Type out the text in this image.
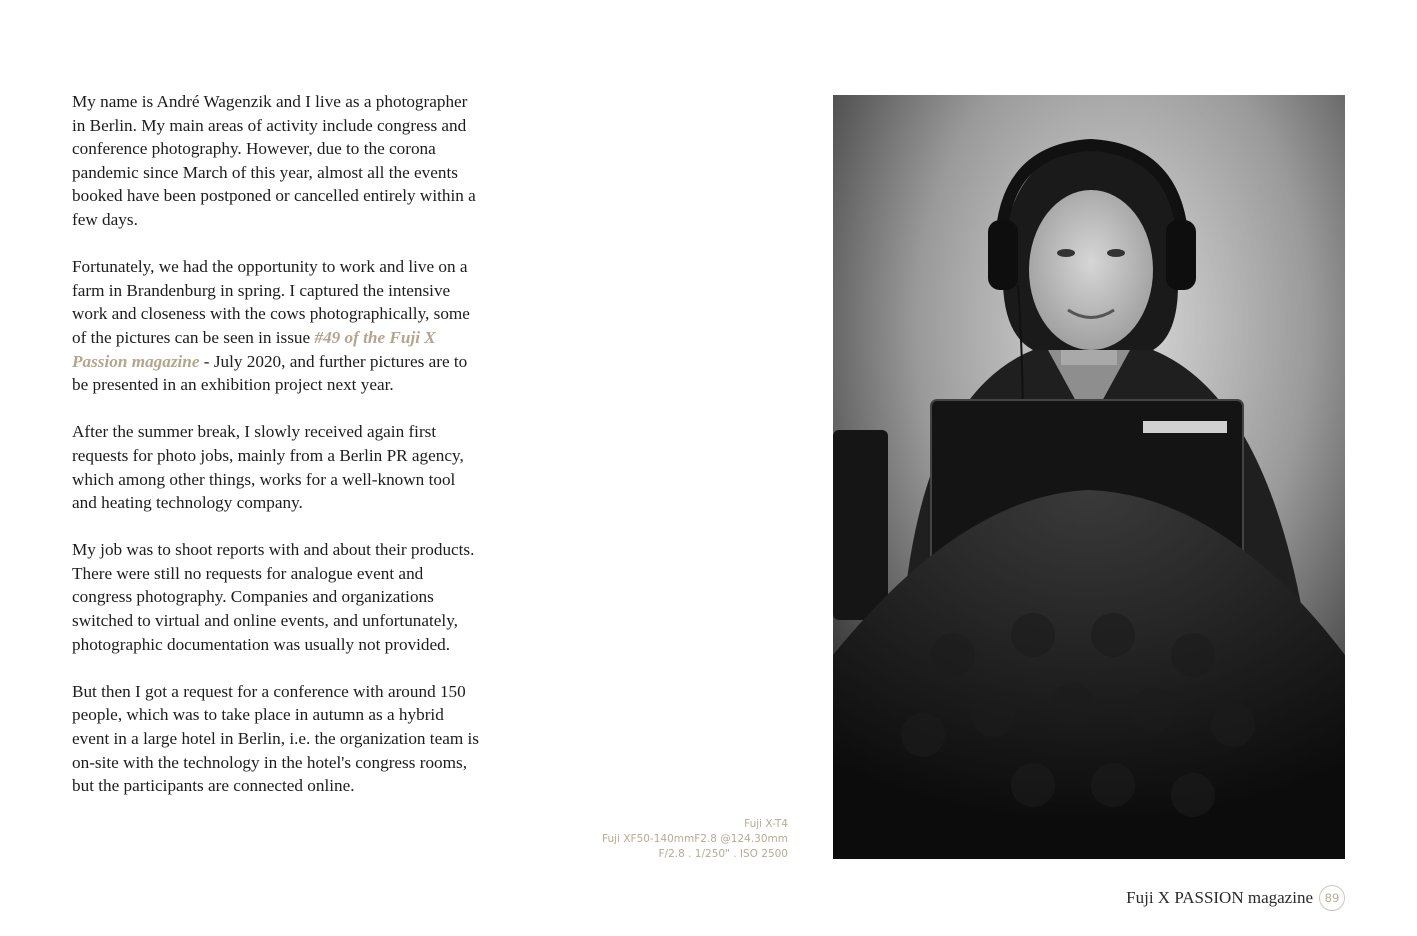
My name is André Wagenzik and I live as a photographer in Berlin. My main areas of activity include congress and conference photography. However, due to the corona pandemic since March of this year, almost all the events booked have been postponed or cancelled entirely within a few days.

Fortunately, we had the opportunity to work and live on a farm in Brandenburg in spring. I captured the intensive work and closeness with the cows photographically, some of the pictures can be seen in issue #49 of the Fuji X Passion magazine - July 2020, and further pictures are to be presented in an exhibition project next year.

After the summer break, I slowly received again first requests for photo jobs, mainly from a Berlin PR agency, which among other things, works for a well-known tool and heating technology company.

My job was to shoot reports with and about their products. There were still no requests for analogue event and congress photography. Companies and organizations switched to virtual and online events, and unfortunately, photographic documentation was usually not provided.

But then I got a request for a conference with around 150 people, which was to take place in autumn as a hybrid event in a large hotel in Berlin, i.e. the organization team is on-site with the technology in the hotel's congress rooms, but the participants are connected online.

Fuji X-T4
Fuji XF50-140mmF2.8 @124.30mm
F/2.8 . 1/250" . ISO 2500
Fuji X PASSION magazine	89
